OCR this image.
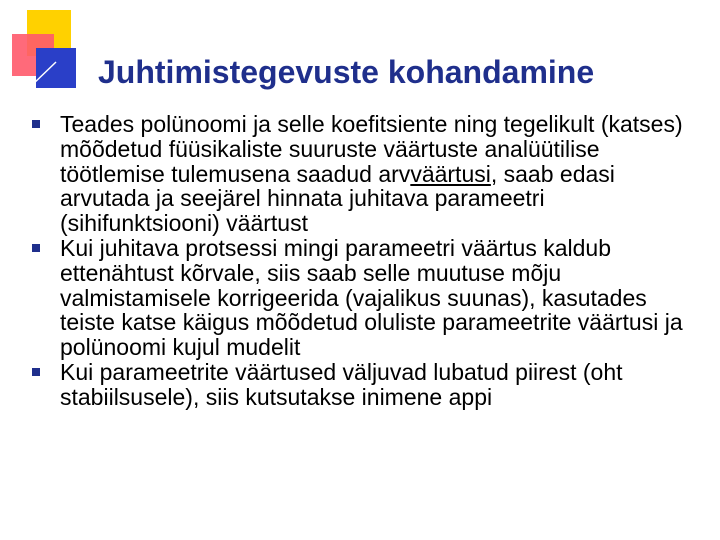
Juhtimistegevuste kohandamine
Teades polünoomi ja selle koefitsiente ning tegelikult (katses) mõõdetud füüsikaliste suuruste väärtuste analüütilise töötlemise tulemusena saadud arvväärtusi, saab edasi arvutada ja seejärel hinnata juhitava parameetri (sihifunktsiooni) väärtust
Kui juhitava protsessi mingi parameetri väärtus kaldub ettenähtust kõrvale, siis saab selle muutuse mõju valmistamisele korrigeerida (vajalikus suunas), kasutades teiste katse käigus mõõdetud oluliste parameetrite väärtusi ja polünoomi kujul mudelit
Kui parameetrite väärtused väljuvad lubatud piirest (oht stabiilsusele), siis kutsutakse inimene appi
